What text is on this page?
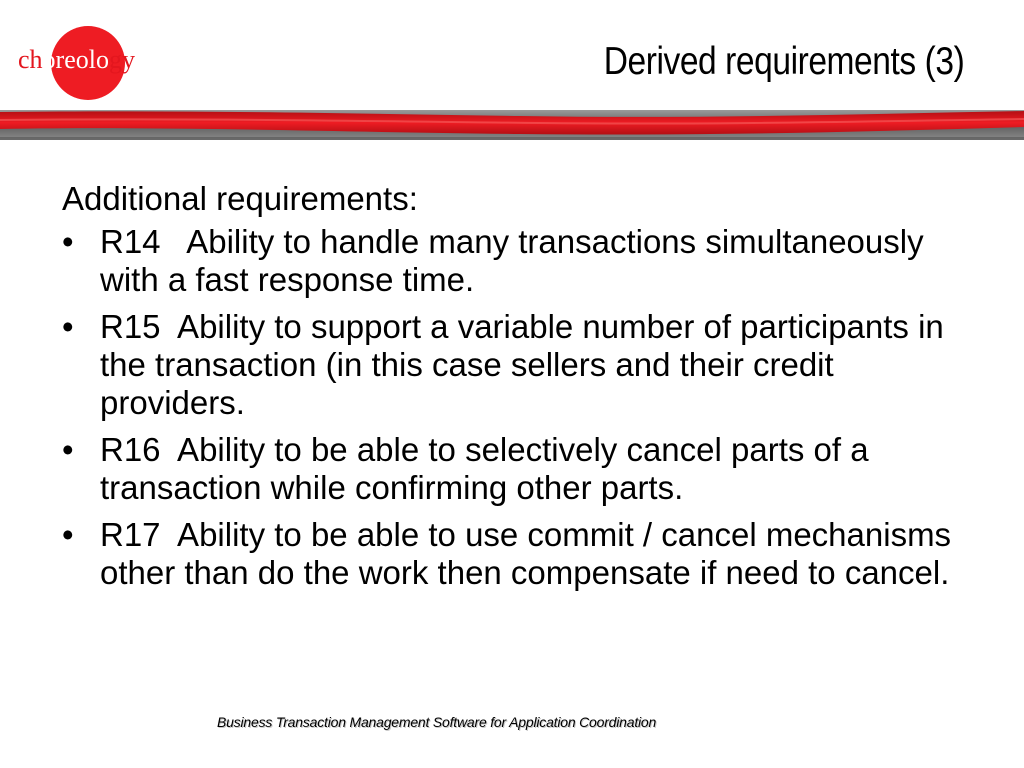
choreology	Derived requirements (3)

Additional requirements:

• R14   Ability to handle many transactions simultaneously with a fast response time.
• R15  Ability to support a variable number of participants in the transaction (in this case sellers and their credit providers.
• R16  Ability to be able to selectively cancel parts of a transaction while confirming other parts.
• R17  Ability to be able to use commit / cancel mechanisms other than do the work then compensate if need to cancel.
Business Transaction Management Software for Application Coordination
